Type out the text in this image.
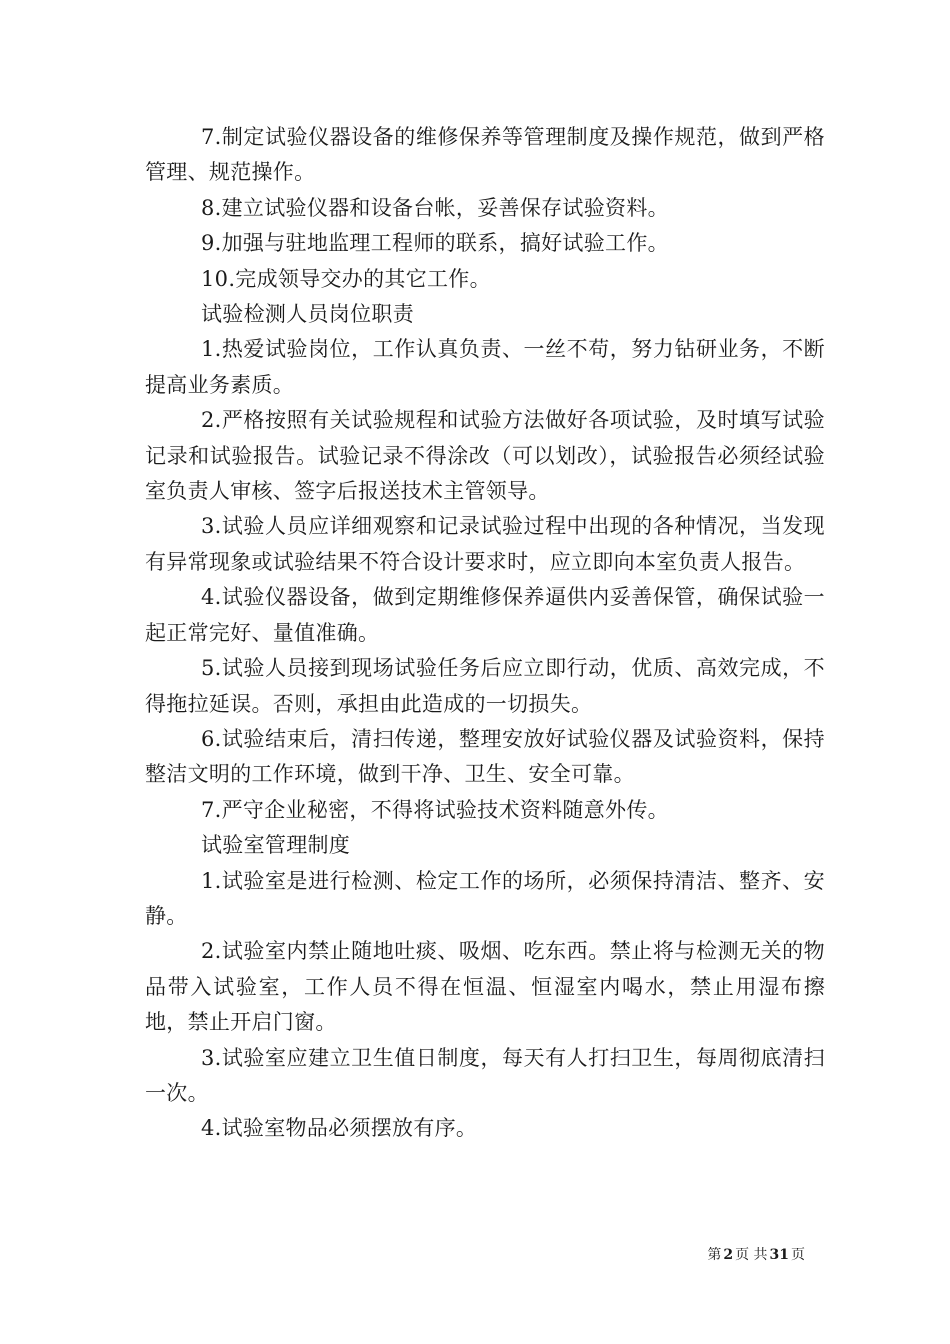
7.制定试验仪器设备的维修保养等管理制度及操作规范，做到严格管理、规范操作。

8.建立试验仪器和设备台帐，妥善保存试验资料。

9.加强与驻地监理工程师的联系，搞好试验工作。

10.完成领导交办的其它工作。

试验检测人员岗位职责

1.热爱试验岗位，工作认真负责、一丝不苟，努力钻研业务，不断提高业务素质。

2.严格按照有关试验规程和试验方法做好各项试验，及时填写试验记录和试验报告。试验记录不得涂改（可以划改），试验报告必须经试验室负责人审核、签字后报送技术主管领导。

3.试验人员应详细观察和记录试验过程中出现的各种情况，当发现有异常现象或试验结果不符合设计要求时，应立即向本室负责人报告。

4.试验仪器设备，做到定期维修保养逼供内妥善保管，确保试验一起正常完好、量值准确。

5.试验人员接到现场试验任务后应立即行动，优质、高效完成，不得拖拉延误。否则，承担由此造成的一切损失。

6.试验结束后，清扫传递，整理安放好试验仪器及试验资料，保持整洁文明的工作环境，做到干净、卫生、安全可靠。

7.严守企业秘密，不得将试验技术资料随意外传。

试验室管理制度

1.试验室是进行检测、检定工作的场所，必须保持清洁、整齐、安静。

2.试验室内禁止随地吐痰、吸烟、吃东西。禁止将与检测无关的物品带入试验室，工作人员不得在恒温、恒湿室内喝水，禁止用湿布擦地，禁止开启门窗。

3.试验室应建立卫生值日制度，每天有人打扫卫生，每周彻底清扫一次。

4.试验室物品必须摆放有序。

第 2 页 共 31 页
